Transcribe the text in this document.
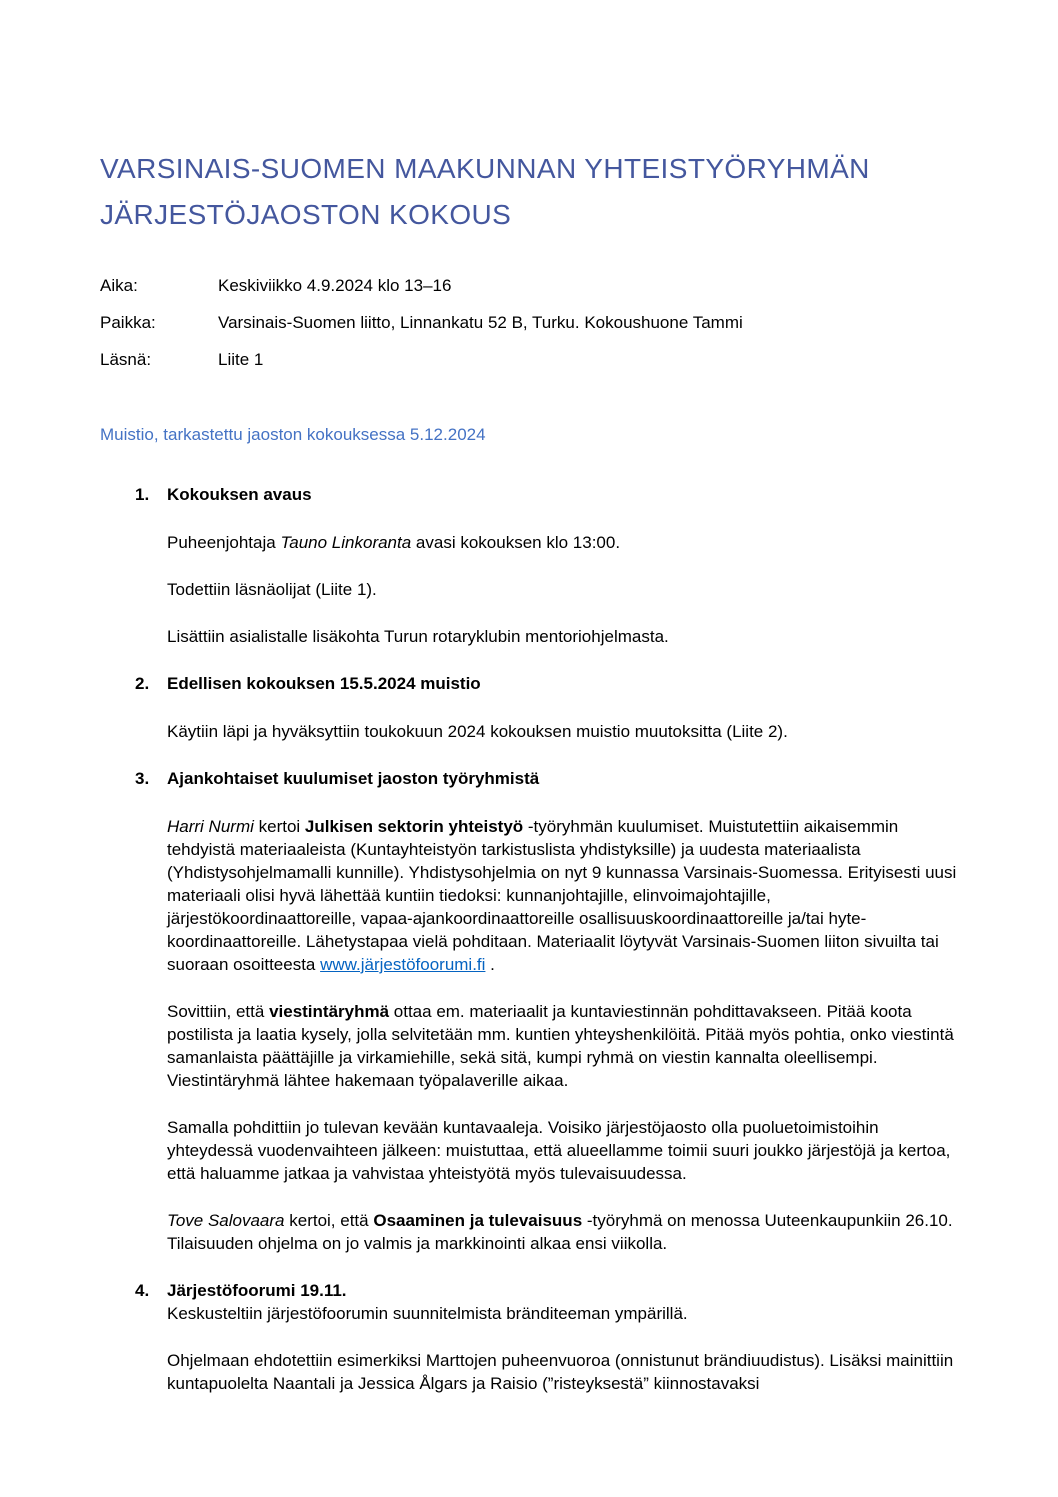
VARSINAIS-SUOMEN MAAKUNNAN YHTEISTYÖRYHMÄN
JÄRJESTÖJAOSTON KOKOUS
Aika:	Keskiviikko 4.9.2024 klo 13–16
Paikka:	Varsinais-Suomen liitto, Linnankatu 52 B, Turku. Kokoushuone Tammi
Läsnä:	Liite 1
Muistio, tarkastettu jaoston kokouksessa 5.12.2024
1.	Kokouksen avaus

Puheenjohtaja Tauno Linkoranta avasi kokouksen klo 13:00.

Todettiin läsnäolijat (Liite 1).

Lisättiin asialistalle lisäkohta Turun rotaryklubin mentoriohjelmasta.

2.	Edellisen kokouksen 15.5.2024 muistio

Käytiin läpi ja hyväksyttiin toukokuun 2024 kokouksen muistio muutoksitta (Liite 2).

3.	Ajankohtaiset kuulumiset jaoston työryhmistä

Harri Nurmi kertoi Julkisen sektorin yhteistyö -työryhmän kuulumiset. Muistutettiin aikaisemmin tehdyistä materiaaleista (Kuntayhteistyön tarkistuslista yhdistyksille) ja uudesta materiaalista (Yhdistysohjelmamalli kunnille). Yhdistysohjelmia on nyt 9 kunnassa Varsinais-Suomessa. Erityisesti uusi materiaali olisi hyvä lähettää kuntiin tiedoksi: kunnanjohtajille, elinvoimajohtajille, järjestökoordinaattoreille, vapaa-ajankoordinaattoreille osallisuuskoordinaattoreille ja/tai hyte-koordinaattoreille. Lähetystapaa vielä pohditaan. Materiaalit löytyvät Varsinais-Suomen liiton sivuilta tai suoraan osoitteesta www.järjestöfoorumi.fi .

Sovittiin, että viestintäryhmä ottaa em. materiaalit ja kuntaviestinnän pohdittavakseen. Pitää koota postilista ja laatia kysely, jolla selvitetään mm. kuntien yhteyshenkilöitä. Pitää myös pohtia, onko viestintä samanlaista päättäjille ja virkamiehille, sekä sitä, kumpi ryhmä on viestin kannalta oleellisempi. Viestintäryhmä lähtee hakemaan työpalaverille aikaa.

Samalla pohdittiin jo tulevan kevään kuntavaaleja. Voisiko järjestöjaosto olla puoluetoimistoihin yhteydessä vuodenvaihteen jälkeen: muistuttaa, että alueellamme toimii suuri joukko järjestöjä ja kertoa, että haluamme jatkaa ja vahvistaa yhteistyötä myös tulevaisuudessa.

Tove Salovaara kertoi, että Osaaminen ja tulevaisuus -työryhmä on menossa Uuteenkaupunkiin 26.10. Tilaisuuden ohjelma on jo valmis ja markkinointi alkaa ensi viikolla.

4.	Järjestöfoorumi 19.11.

Keskusteltiin järjestöfoorumin suunnitelmista bränditeeman ympärillä.

Ohjelmaan ehdotettiin esimerkiksi Marttojen puheenvuoroa (onnistunut brändiuudistus). Lisäksi mainittiin kuntapuolelta Naantali ja Jessica Ålgars ja Raisio (”risteyksestä” kiinnostavaksi
